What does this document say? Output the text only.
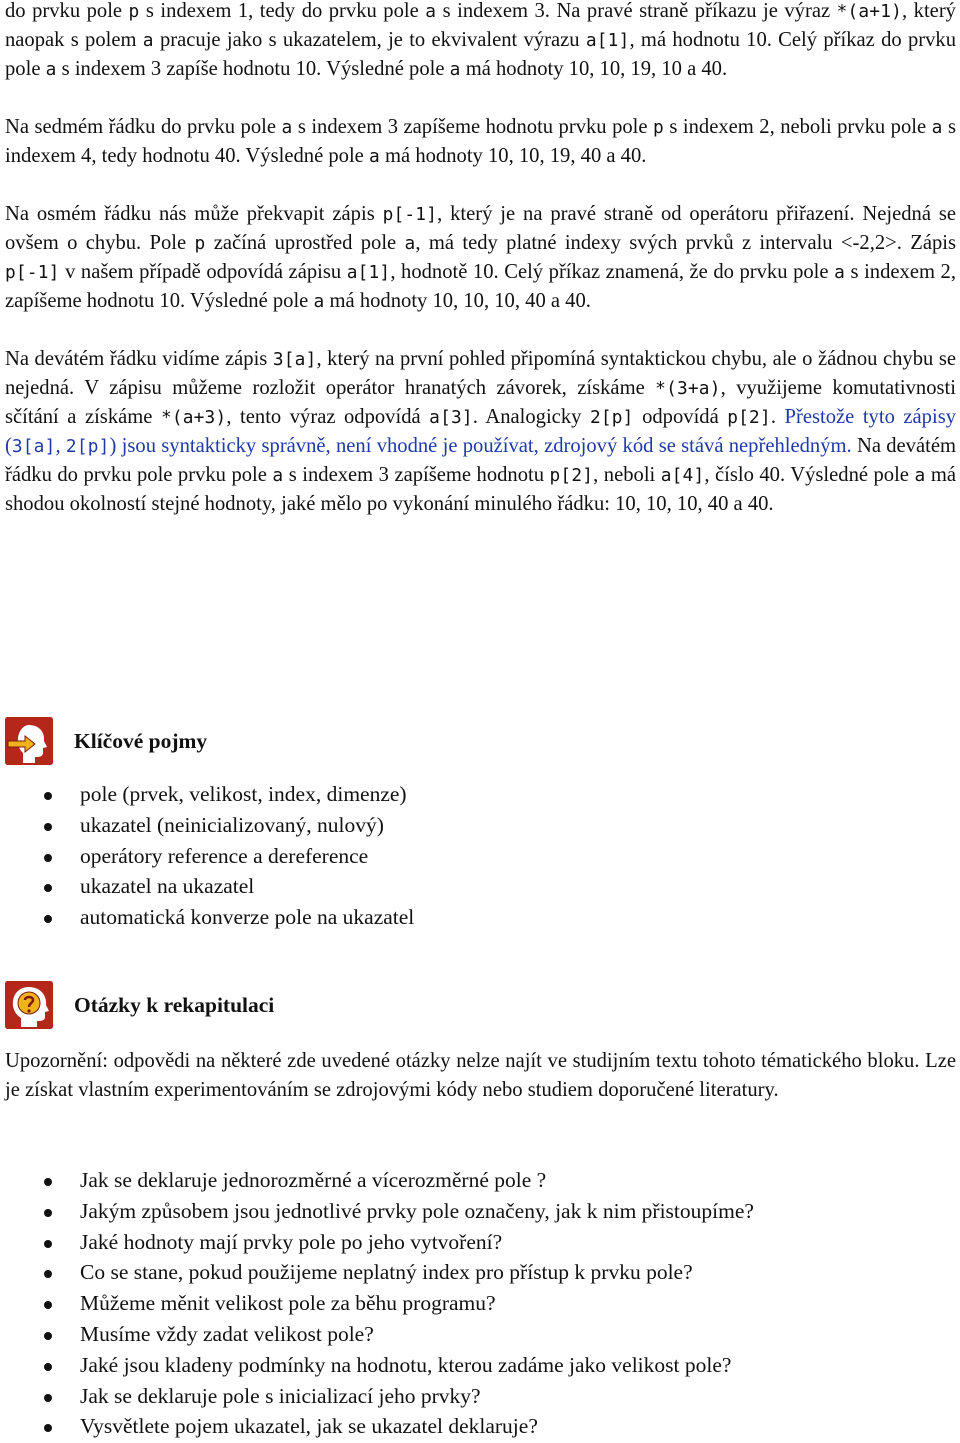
do prvku pole p s indexem 1, tedy do prvku pole a s indexem 3. Na pravé straně příkazu je výraz *(a+1), který naopak s polem a pracuje jako s ukazatelem, je to ekvivalent výrazu a[1], má hodnotu 10. Celý příkaz do prvku pole a s indexem 3 zapíše hodnotu 10. Výsledné pole a má hodnoty 10, 10, 19, 10 a 40.

Na sedmém řádku do prvku pole a s indexem 3 zapíšeme hodnotu prvku pole p s indexem 2, neboli prvku pole a s indexem 4, tedy hodnotu 40. Výsledné pole a má hodnoty 10, 10, 19, 40 a 40.

Na osmém řádku nás může překvapit zápis p[-1], který je na pravé straně od operátoru přiřazení. Nejedná se ovšem o chybu. Pole p začíná uprostřed pole a, má tedy platné indexy svých prvků z intervalu <-2,2>. Zápis p[-1] v našem případě odpovídá zápisu a[1], hodnotě 10. Celý příkaz znamená, že do prvku pole a s indexem 2, zapíšeme hodnotu 10. Výsledné pole a má hodnoty 10, 10, 10, 40 a 40.

Na devátém řádku vidíme zápis 3[a], který na první pohled připomíná syntaktickou chybu, ale o žádnou chybu se nejedná. V zápisu můžeme rozložit operátor hranatých závorek, získáme *(3+a), využijeme komutativnosti sčítání a získáme *(a+3), tento výraz odpovídá a[3]. Analogicky 2[p] odpovídá p[2]. Přestože tyto zápisy (3[a], 2[p]) jsou syntakticky správně, není vhodné je používat, zdrojový kód se stává nepřehledným. Na devátém řádku do prvku pole prvku pole a s indexem 3 zapíšeme hodnotu p[2], neboli a[4], číslo 40. Výsledné pole a má shodou okolností stejné hodnoty, jaké mělo po vykonání minulého řádku: 10, 10, 10, 40 a 40.

Klíčové pojmy
pole (prvek, velikost, index, dimenze)
ukazatel (neinicializovaný, nulový)
operátory reference a dereference
ukazatel na ukazatel
automatická konverze pole na ukazatel
Otázky k rekapitulaci

Upozornění: odpovědi na některé zde uvedené otázky nelze najít ve studijním textu tohoto tématického bloku. Lze je získat vlastním experimentováním se zdrojovými kódy nebo studiem doporučené literatury.

Jak se deklaruje jednorozměrné a vícerozměrné pole ?
Jakým způsobem jsou jednotlivé prvky pole označeny, jak k nim přistoupíme?
Jaké hodnoty mají prvky pole po jeho vytvoření?
Co se stane, pokud použijeme neplatný index pro přístup k prvku pole?
Můžeme měnit velikost pole za běhu programu?
Musíme vždy zadat velikost pole?
Jaké jsou kladeny podmínky na hodnotu, kterou zadáme jako velikost pole?
Jak se deklaruje pole s inicializací jeho prvky?
Vysvětlete pojem ukazatel, jak se ukazatel deklaruje?
